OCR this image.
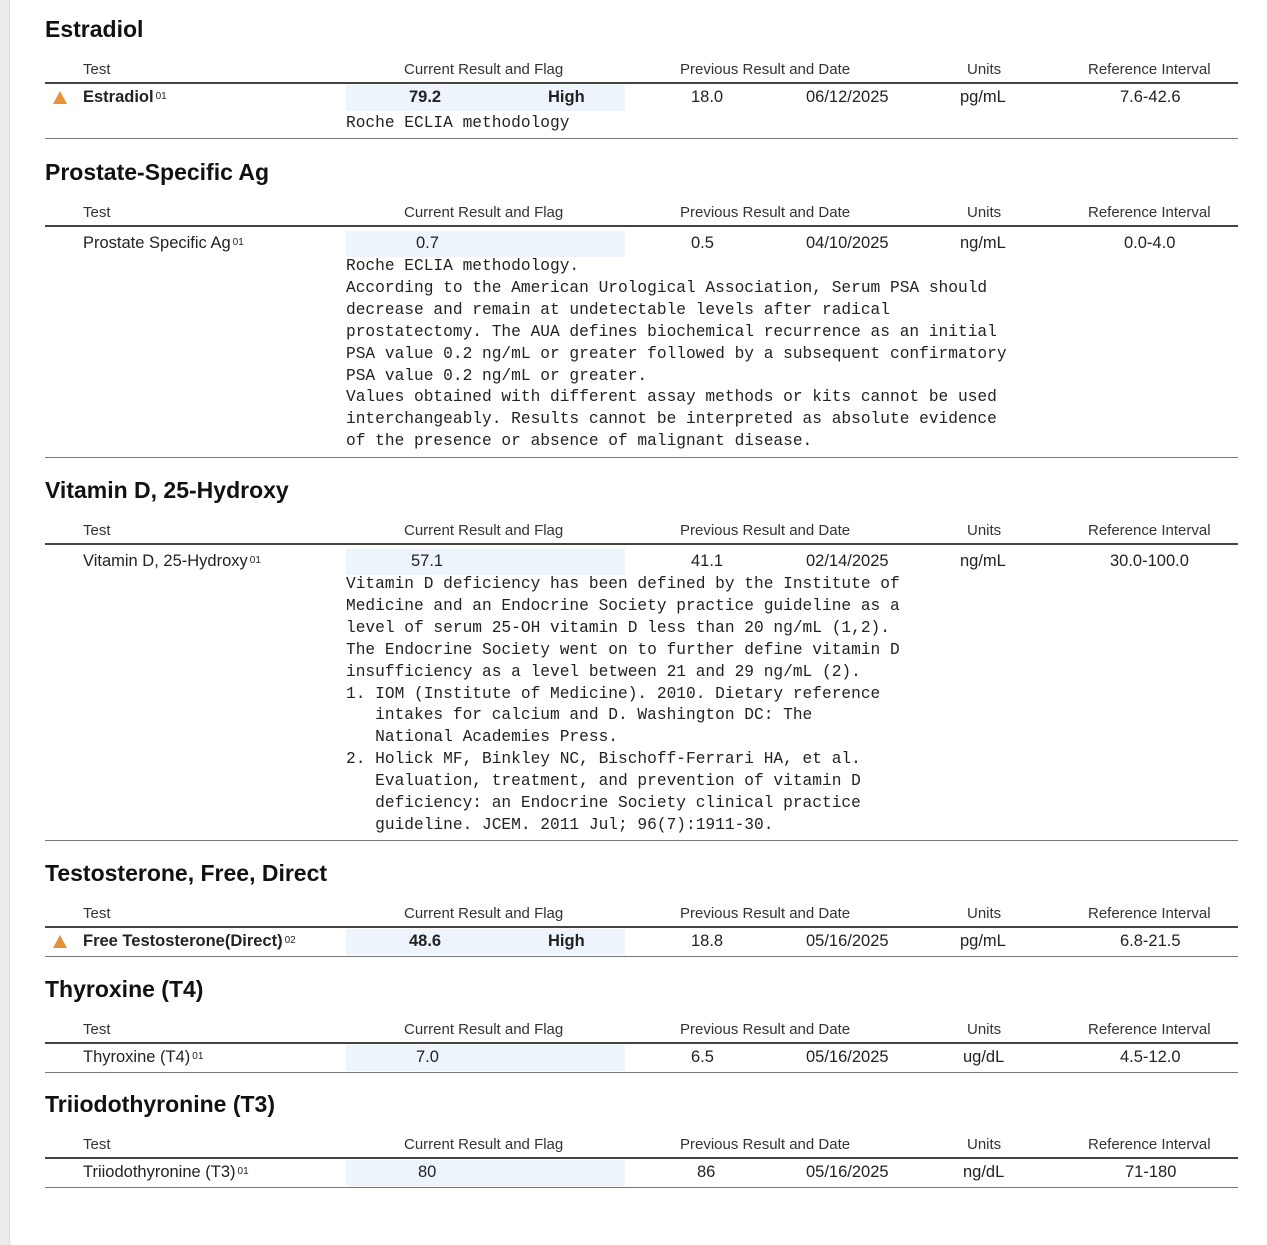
Estradiol
Test	Current Result and Flag	Previous Result and Date	Units	Reference Interval
Estradiol 01	79.2	High	18.0	06/12/2025	pg/mL	7.6-42.6
Roche ECLIA methodology
Prostate-Specific Ag
Test	Current Result and Flag	Previous Result and Date	Units	Reference Interval
Prostate Specific Ag 01	0.7	0.5	04/10/2025	ng/mL	0.0-4.0
Roche ECLIA methodology.
According to the American Urological Association, Serum PSA should
decrease and remain at undetectable levels after radical
prostatectomy. The AUA defines biochemical recurrence as an initial
PSA value 0.2 ng/mL or greater followed by a subsequent confirmatory
PSA value 0.2 ng/mL or greater.
Values obtained with different assay methods or kits cannot be used
interchangeably. Results cannot be interpreted as absolute evidence
of the presence or absence of malignant disease.
Vitamin D, 25-Hydroxy
Test	Current Result and Flag	Previous Result and Date	Units	Reference Interval
Vitamin D, 25-Hydroxy 01	57.1	41.1	02/14/2025	ng/mL	30.0-100.0
Vitamin D deficiency has been defined by the Institute of
Medicine and an Endocrine Society practice guideline as a
level of serum 25-OH vitamin D less than 20 ng/mL (1,2).
The Endocrine Society went on to further define vitamin D
insufficiency as a level between 21 and 29 ng/mL (2).
1. IOM (Institute of Medicine). 2010. Dietary reference
intakes for calcium and D. Washington DC: The
National Academies Press.
2. Holick MF, Binkley NC, Bischoff-Ferrari HA, et al.
Evaluation, treatment, and prevention of vitamin D
deficiency: an Endocrine Society clinical practice
guideline. JCEM. 2011 Jul; 96(7):1911-30.
Testosterone, Free, Direct
Test	Current Result and Flag	Previous Result and Date	Units	Reference Interval
Free Testosterone(Direct) 02	48.6	High	18.8	05/16/2025	pg/mL	6.8-21.5
Thyroxine (T4)
Test	Current Result and Flag	Previous Result and Date	Units	Reference Interval
Thyroxine (T4) 01	7.0	6.5	05/16/2025	ug/dL	4.5-12.0
Triiodothyronine (T3)
Test	Current Result and Flag	Previous Result and Date	Units	Reference Interval
Triiodothyronine (T3) 01	80	86	05/16/2025	ng/dL	71-180
